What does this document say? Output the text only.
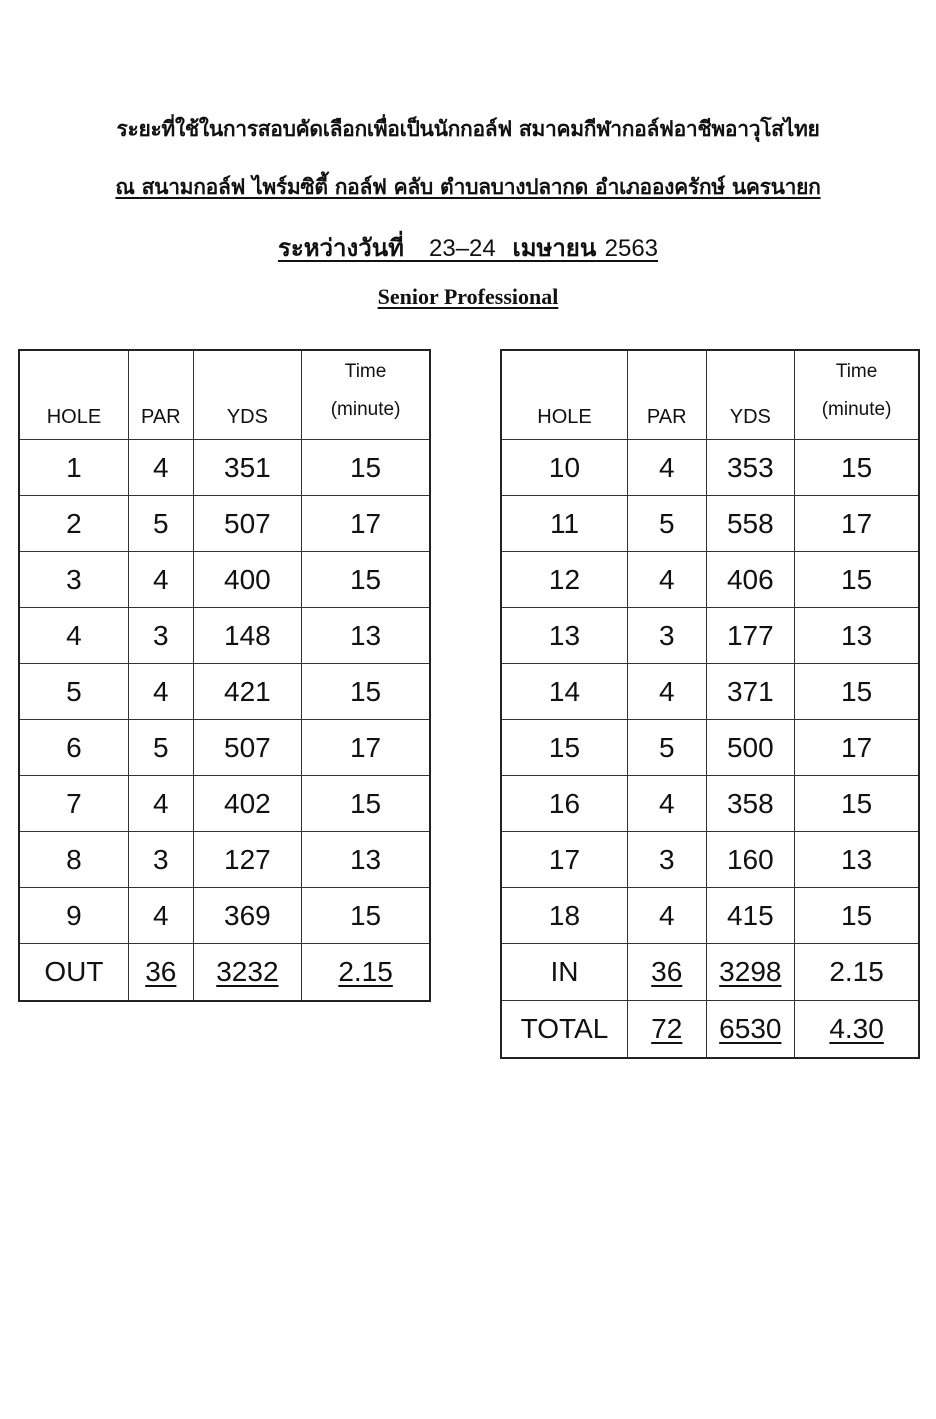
ระยะที่ใช้ในการสอบคัดเลือกเพื่อเป็นนักกอล์ฟ สมาคมกีฬากอล์ฟอาชีพอาวุโสไทย
ณ สนามกอล์ฟ ไพร์มซิตี้ กอล์ฟ คลับ ตำบลบางปลากด อำเภอองครักษ์ นครนายก
ระหว่างวันที่ 23–24 เมษายน 2563
Senior Professional
HOLE	PAR	YDS	Time
(minute)

1	4	351	15
2	5	507	17
3	4	400	15
4	3	148	13
5	4	421	15
6	5	507	17
7	4	402	15
8	3	127	13
9	4	369	15
OUT	36	3232	2.15
HOLE	PAR	YDS	Time
(minute)

10	4	353	15
11	5	558	17
12	4	406	15
13	3	177	13
14	4	371	15
15	5	500	17
16	4	358	15
17	3	160	13
18	4	415	15
IN	36	3298	2.15
TOTAL	72	6530	4.30
